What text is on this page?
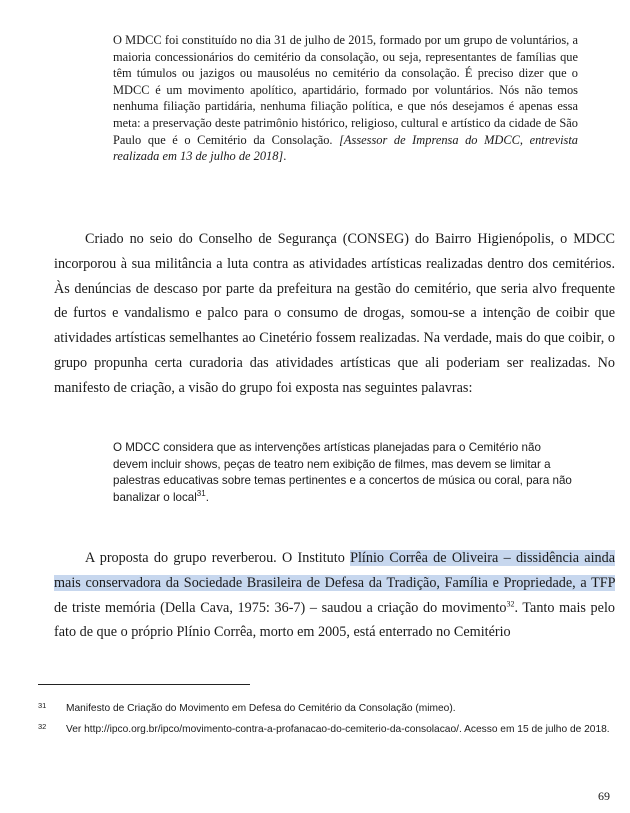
O MDCC foi constituído no dia 31 de julho de 2015, formado por um grupo de voluntários, a maioria concessionários do cemitério da consolação, ou seja, representantes de famílias que têm túmulos ou jazigos ou mausoléus no cemitério da consolação. É preciso dizer que o MDCC é um movimento apolítico, apartidário, formado por voluntários. Nós não temos nenhuma filiação partidária, nenhuma filiação política, e que nós desejamos é apenas essa meta: a preservação deste patrimônio histórico, religioso, cultural e artístico da cidade de São Paulo que é o Cemitério da Consolação. [Assessor de Imprensa do MDCC, entrevista realizada em 13 de julho de 2018].
Criado no seio do Conselho de Segurança (CONSEG) do Bairro Higienópolis, o MDCC incorporou à sua militância a luta contra as atividades artísticas realizadas dentro dos cemitérios. Às denúncias de descaso por parte da prefeitura na gestão do cemitério, que seria alvo frequente de furtos e vandalismo e palco para o consumo de drogas, somou-se a intenção de coibir que atividades artísticas semelhantes ao Cinetério fossem realizadas. Na verdade, mais do que coibir, o grupo propunha certa curadoria das atividades artísticas que ali poderiam ser realizadas. No manifesto de criação, a visão do grupo foi exposta nas seguintes palavras:
O MDCC considera que as intervenções artísticas planejadas para o Cemitério não devem incluir shows, peças de teatro nem exibição de filmes, mas devem se limitar a palestras educativas sobre temas pertinentes e a concertos de música ou coral, para não banalizar o local$^{31}$.
A proposta do grupo reverberou. O Instituto Plínio Corrêa de Oliveira – dissidência ainda mais conservadora da Sociedade Brasileira de Defesa da Tradição, Família e Propriedade, a TFP de triste memória (Della Cava, 1975: 36-7) – saudou a criação do movimento$^{32}$. Tanto mais pelo fato de que o próprio Plínio Corrêa, morto em 2005, está enterrado no Cemitério
31 Manifesto de Criação do Movimento em Defesa do Cemitério da Consolação (mimeo).
32 Ver http://ipco.org.br/ipco/movimento-contra-a-profanacao-do-cemiterio-da-consolacao/. Acesso em 15 de julho de 2018.
69
